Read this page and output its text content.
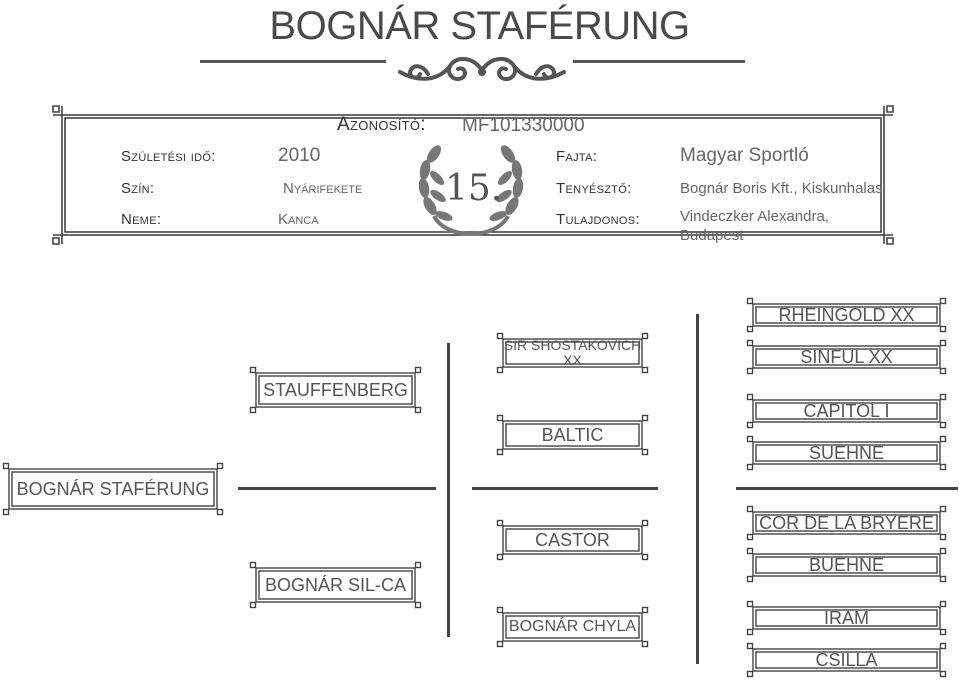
BOGNÁR STAFÉRUNG
Azonosító: MF101330000
Születési idő:	2010
Szín:	Nyárifekete
Neme:	Kanca
Fajta:	Magyar Sportló
Tenyésztő:	Bognár Boris Kft., Kiskunhalas
Tulajdonos:	Vindeczker Alexandra,
Budapest
15.
BOGNÁR STAFÉRUNG
STAUFFENBERG
BOGNÁR SIL-CA
SIR SHOSTAKOVICH XX
BALTIC
CASTOR
BOGNÁR CHYLA
RHEINGOLD XX
SINFUL XX
CAPITOL I
SUEHNE
COR DE LA BRYERE
BUEHNE
IRAM
CSILLA
